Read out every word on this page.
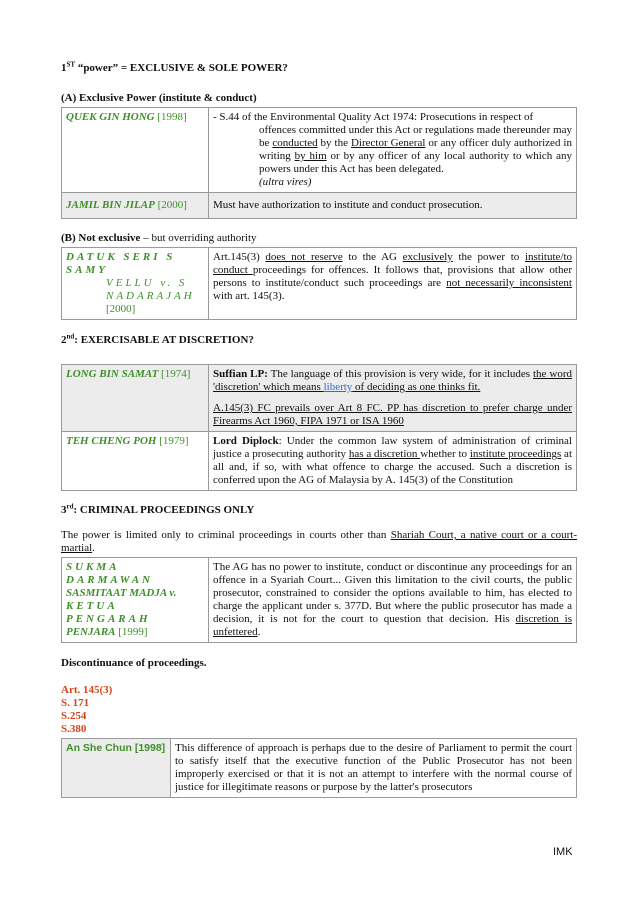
1ST “power” = EXCLUSIVE & SOLE POWER?

(A) Exclusive Power (institute & conduct)

QUEK GIN HONG [1998]	- S.44 of the Environmental Quality Act 1974: Prosecutions in respect of
offences committed under this Act or regulations made thereunder may be conducted by the Director General or any officer duly authorized in writing by him or by any officer of any local authority to which any powers under this Act has been delegated.
(ultra vires)

JAMIL BIN JILAP [2000]	Must have authorization to institute and conduct prosecution.

(B) Not exclusive – but overriding authority

DATUK SERI S SAMY
VELLU v. S
NADARAJAH
[2000]	Art.145(3) does not reserve to the AG exclusively the power to institute/to conduct proceedings for offences. It follows that, provisions that allow other persons to institute/conduct such proceedings are not necessarily inconsistent with art. 145(3).

2nd: EXERCISABLE AT DISCRETION?

LONG BIN SAMAT [1974]	Suffian LP: The language of this provision is very wide, for it includes the word 'discretion' which means liberty of deciding as one thinks fit.

A.145(3) FC prevails over Art 8 FC. PP has discretion to prefer charge under Firearms Act 1960, FIPA 1971 or ISA 1960

TEH CHENG POH [1979]	Lord Diplock: Under the common law system of administration of criminal justice a prosecuting authority has a discretion whether to institute proceedings at all and, if so, with what offence to charge the accused. Such a discretion is conferred upon the AG of Malaysia by A. 145(3) of the Constitution

3rd: CRIMINAL PROCEEDINGS ONLY

The power is limited only to criminal proceedings in courts other than Shariah Court, a native court or a court-martial.

SUKMA DARMAWAN
SASMITAAT MADJA v.
KETUA PENGARAH
PENJARA [1999]	The AG has no power to institute, conduct or discontinue any proceedings for an offence in a Syariah Court... Given this limitation to the civil courts, the public prosecutor, constrained to consider the options available to him, has elected to charge the applicant under s. 377D. But where the public prosecutor has made a decision, it is not for the court to question that decision. His discretion is unfettered.

Discontinuance of proceedings.

Art. 145(3)

S. 171

S.254

S.380

An She Chun [1998]	This difference of approach is perhaps due to the desire of Parliament to permit the court to satisfy itself that the executive function of the Public Prosecutor has not been improperly exercised or that it is not an attempt to interfere with the normal course of justice for illegitimate reasons or purpose by the latter's prosecutors
IMK
